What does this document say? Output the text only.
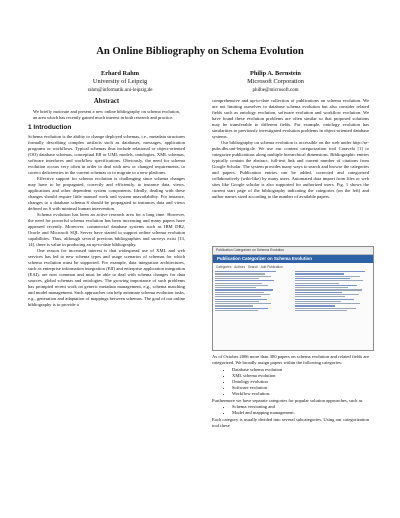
An Online Bibliography on Schema Evolution
Erhard Rahm
University of Leipzig
rahm@informatik.uni-leipzig.de
Philip A. Bernstein
Microsoft Corporation
philbe@microsoft.com
Abstract
We briefly motivate and present a new online bibliography on schema evolution, an area which has recently gained much interest in both research and practice.
1 Introduction

Schema evolution is the ability to change deployed schemas, i.e., metadata structures formally describing complex artifacts such as databases, messages, application programs or workflows. Typical schemas thus include relational or object-oriented (OO) database schemas, conceptual ER or UML models, ontologies, XML schemas, software interfaces and workflow specifications. Obviously, the need for schema evolution occurs very often in order to deal with new or changed requirements, to correct deficiencies in the current schemas or to migrate to a new platform.

Effective support for schema evolution is challenging since schema changes may have to be propagated, correctly and efficiently, to instance data, views, applications and other dependent system components. Ideally, dealing with these changes should require little manual work and system unavailability. For instance, changes to a database schema S should be propagated to instances data and views defined on S with minimal human intervention.

Schema evolution has been an active research area for a long time. However, the need for powerful schema evolution has been increasing and many papers have appeared recently. Moreover, commercial database systems such as IBM DB2, Oracle and Microsoft SQL Server have started to support online schema evolution capabilities. Thus, although several previous bibliographies and surveys exist [13, 14], there is value in producing an up-to-date bibliography.

One reason for increased interest is that widespread use of XML and web services has led to new schema types and usage scenarios of schemas for which schema evolution must be supported. For example, data integration architectures, such as enterprise information integration (EII) and enterprise application integration (EAI), are now common and must be able to deal with schema changes for data sources, global schemas and ontologies. The growing importance of such problems has prompted recent work on generic metadata management, e.g., schema matching and model management. Such approaches can help automate schema evolution tasks, e.g., generation and adaptation of mappings between schemas. The goal of our online bibliography is to provide a

comprehensive and up-to-date collection of publications on schema evolution. We are not limiting ourselves to database schema evolution but also consider related fields such as ontology evolution, software evolution and workflow evolution. We have found these evolution problems are often similar so that proposed solutions may be transferable to different fields. For example, ontology evolution has similarities to previously investigated evolution problems in object-oriented database systems.

Our bibliography on schema evolution is accessible on the web under http://se-pubs.dbs.uni-leipzig.de. We use our content categorization tool Caravela [1] to categorize publications along multiple hierarchical dimensions. Bibliographic entries typically contain the abstract, full-text link and current number of citations from Google Scholar. The system provides many ways to search and browse the categories and papers. Publication entries can be added, corrected and categorized collaboratively (wiki-like) by many users. Automated data import from files or web sites like Google scholar is also supported for authorized users. Fig. 1 shows the current start page of the bibliography indicating the categories (on the left) and author names sized according to the number of available papers.

Publication Categorizer on Schema Evolution
Publication Categorizer on Schema Evolution
Categories · Authors · Search · Add Publication

As of October 2006 more than 300 papers on schema evolution and related fields are categorized. We broadly assign papers within the following categories:

• Database schema evolution
• XML schema evolution
• Ontology evolution
• Software evolution
• Workflow evolution.

Furthermore we have separate categories for popular solution approaches, such as

• Schema versioning and
• Model and mapping management.

Each category is usually divided into several subcategories. Using our categorization tool these
